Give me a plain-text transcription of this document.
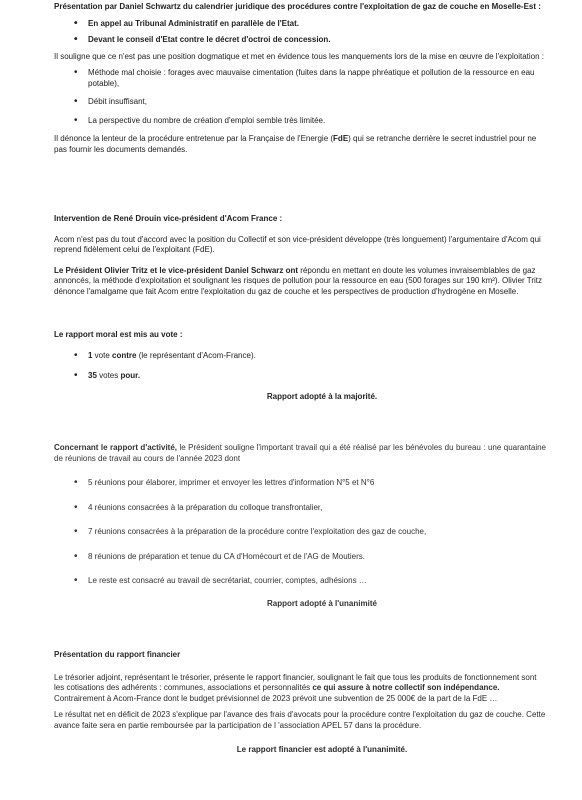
Présentation par Daniel Schwartz du calendrier juridique des procédures contre l'exploitation de gaz de couche en Moselle-Est :

• En appel au Tribunal Administratif en parallèle de l'Etat.
• Devant le conseil d'Etat contre le décret d'octroi de concession.

Il souligne que ce n'est pas une position dogmatique et met en évidence tous les manquements lors de la mise en œuvre de l'exploitation :

• Méthode mal choisie : forages avec mauvaise cimentation (fuites dans la nappe phréatique et pollution de la ressource en eau potable),
• Débit insuffisant,
• La perspective du nombre de création d'emploi semble très limitée.

Il dénonce la lenteur de la procédure entretenue par la Française de l'Energie (FdE) qui se retranche derrière le secret industriel pour ne pas fournir les documents demandés.

Intervention de René Drouin vice-président d'Acom France :

Acom n'est pas du tout d'accord avec la position du Collectif et son vice-président développe (très longuement) l'argumentaire d'Acom qui reprend fidèlement celui de l'exploitant (FdE).

Le Président Olivier Tritz et le vice-président Daniel Schwarz ont répondu en mettant en doute les volumes invraisemblables de gaz annoncés, la méthode d'exploitation et soulignant les risques de pollution pour la ressource en eau (500 forages sur 190 km²). Olivier Tritz dénonce l'amalgame que fait Acom entre l'exploitation du gaz de couche et les perspectives de production d'hydrogène en Moselle.

Le rapport moral est mis au vote :

• 1 vote contre (le représentant d'Acom-France).
• 35 votes pour.

Rapport adopté à la majorité.

Concernant le rapport d'activité, le Président souligne l'important travail qui a été réalisé par les bénévoles du bureau : une quarantaine de réunions de travail au cours de l'année 2023 dont

• 5 réunions pour élaborer, imprimer et envoyer les lettres d'information N°5 et N°6
• 4 réunions consacrées à la préparation du colloque transfrontalier,
• 7 réunions consacrées à la préparation de la procédure contre l'exploitation des gaz de couche,
• 8 réunions de préparation et tenue du CA d'Homécourt et de l'AG de Moutiers.
• Le reste est consacré au travail de secrétariat, courrier, comptes, adhésions …

Rapport adopté à l'unanimité

Présentation du rapport financier

Le trésorier adjoint, représentant le trésorier, présente le rapport financier, soulignant le fait que tous les produits de fonctionnement sont les cotisations des adhérents : communes, associations et personnalités ce qui assure à notre collectif son indépendance. Contrairement à Acom-France dont le budget prévisionnel de 2023 prévoit une subvention de 25 000€ de la part de la FdE …

Le résultat net en déficit de 2023 s'explique par l'avance des frais d'avocats pour la procédure contre l'exploitation du gaz de couche. Cette avance faite sera en partie remboursée par la participation de l 'association APEL 57 dans la procédure.

Le rapport financier est adopté à l'unanimité.
